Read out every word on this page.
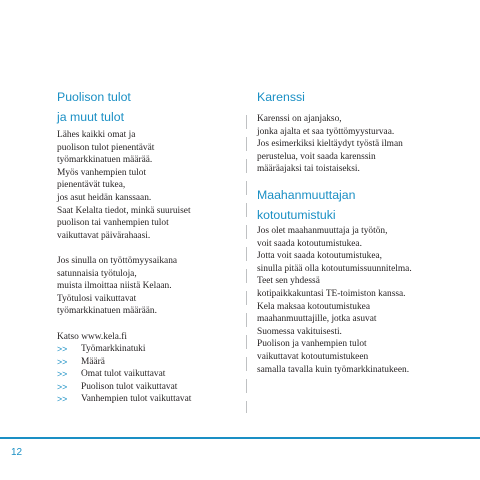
Puolison tulot
ja muut tulot
Lähes kaikki omat ja
puolison tulot pienentävät
työmarkkinatuen määrää.
Myös vanhempien tulot
pienentävät tukea,
jos asut heidän kanssaan.
Saat Kelalta tiedot, minkä suuruiset
puolison tai vanhempien tulot
vaikuttavat päivärahaasi.
Jos sinulla on työttömyysaikana
satunnaisia työtuloja,
muista ilmoittaa niistä Kelaan.
Työtulosi vaikuttavat
työmarkkinatuen määrään.
Katso www.kela.fi
>>	Työmarkkinatuki
>>	Määrä
>>	Omat tulot vaikuttavat
>>	Puolison tulot vaikuttavat
>>	Vanhempien tulot vaikuttavat
Karenssi
Karenssi on ajanjakso,
jonka ajalta et saa työttömyysturvaa.
Jos esimerkiksi kieltäydyt työstä ilman
perustelua, voit saada karenssin
määräajaksi tai toistaiseksi.
Maahanmuuttajan
kotoutumistuki
Jos olet maahanmuuttaja ja työtön,
voit saada kotoutumistukea.
Jotta voit saada kotoutumistukea,
sinulla pitää olla kotoutumissuunnitelma.
Teet sen yhdessä
kotipaikkakuntasi TE-toimiston kanssa.
Kela maksaa kotoutumistukea
maahanmuuttajille, jotka asuvat
Suomessa vakituisesti.
Puolison ja vanhempien tulot
vaikuttavat kotoutumistukeen
samalla tavalla kuin työmarkkinatukeen.
12
